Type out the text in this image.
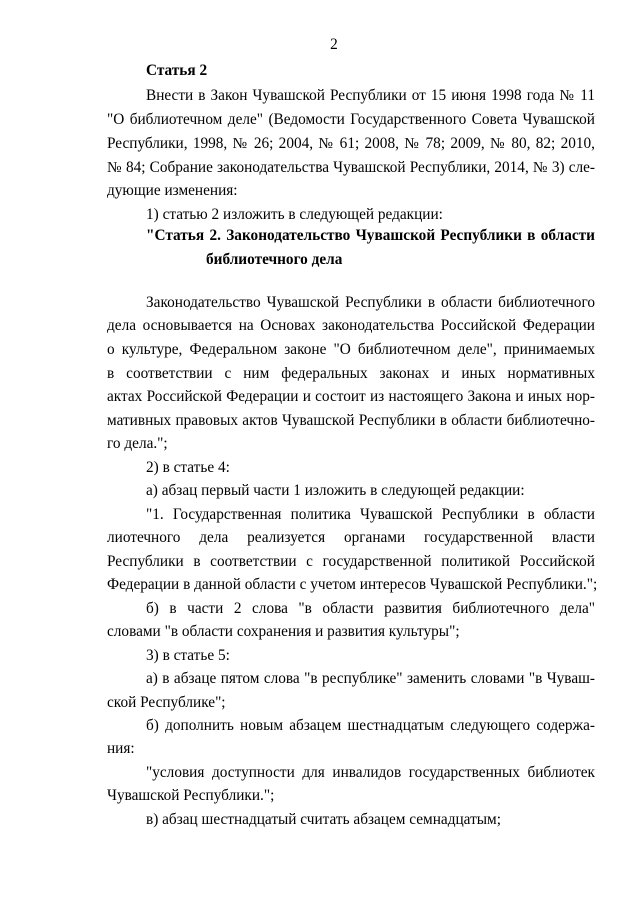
2
Статья 2
Внести в Закон Чувашской Республики от 15 июня 1998 года № 11
"О библиотечном деле" (Ведомости Государственного Совета Чувашской
Республики, 1998, № 26; 2004, № 61; 2008, № 78; 2009, № 80, 82; 2010,
№ 84; Собрание законодательства Чувашской Республики, 2014, № 3) сле-
дующие изменения:
1) статью 2 изложить в следующей редакции:
"Статья 2. Законодательство Чувашской Республики в области
библиотечного дела
Законодательство Чувашской Республики в области библиотечного
дела основывается на Основах законодательства Российской Федерации
о культуре, Федеральном законе "О библиотечном деле", принимаемых
в соответствии с ним федеральных законах и иных нормативных
актах Российской Федерации и состоит из настоящего Закона и иных нор-
мативных правовых актов Чувашской Республики в области библиотечно-
го дела.";
2) в статье 4:
а) абзац первый части 1 изложить в следующей редакции:
"1. Государственная политика Чувашской Республики в области
лиотечного дела реализуется органами государственной власти
Республики в соответствии с государственной политикой Российской
Федерации в данной области с учетом интересов Чувашской Республики.";
б) в части 2 слова "в области развития библиотечного дела"
словами "в области сохранения и развития культуры";
3) в статье 5:
а) в абзаце пятом слова "в республике" заменить словами "в Чуваш-
ской Республике";
б) дополнить новым абзацем шестнадцатым следующего содержа-
ния:
"условия доступности для инвалидов государственных библиотек
Чувашской Республики.";
в) абзац шестнадцатый считать абзацем семнадцатым;
